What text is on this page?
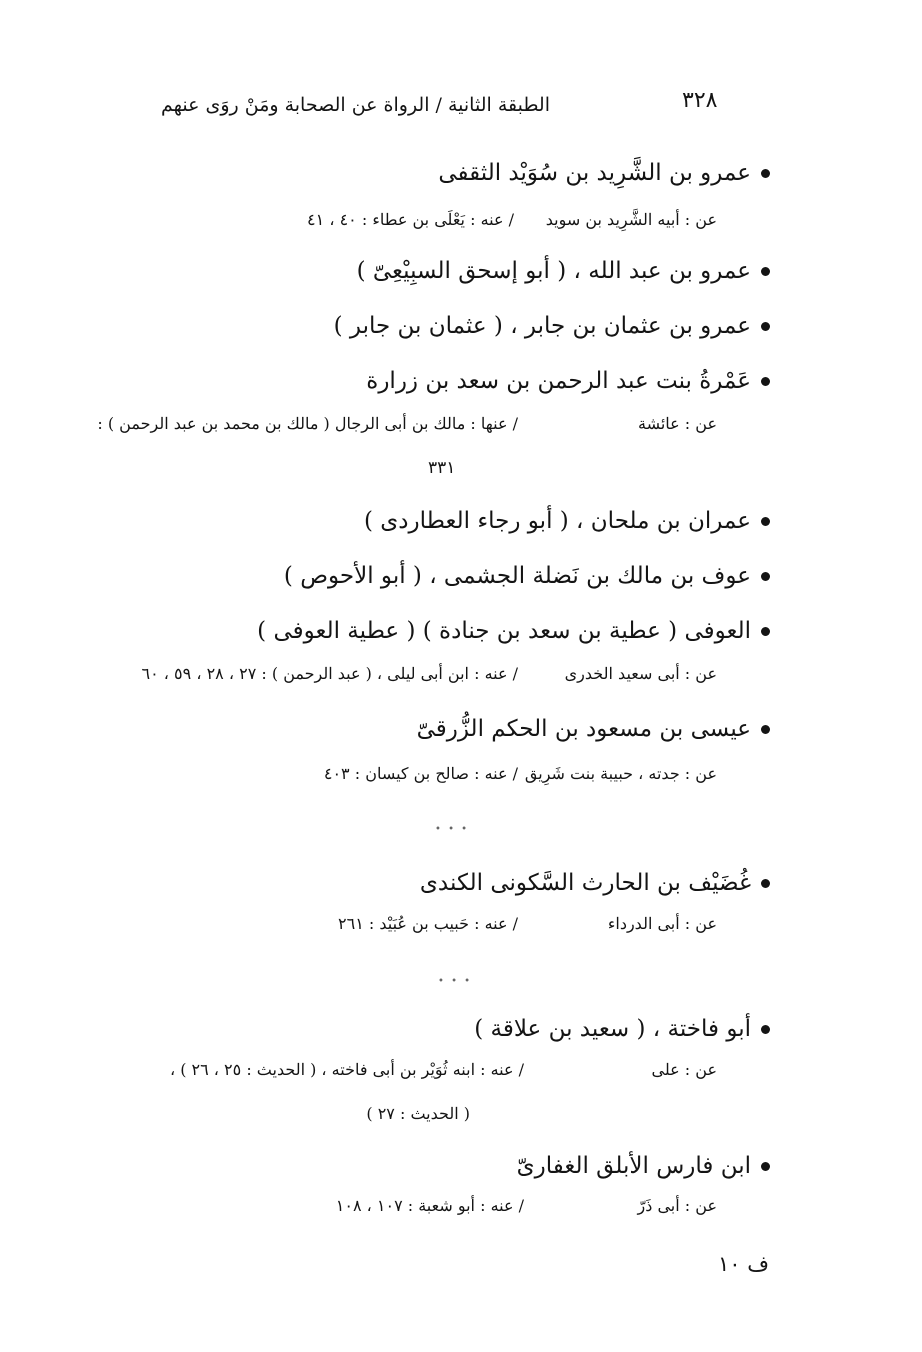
٣٢٨
الطبقة الثانية / الرواة عن الصحابة ومَنْ روَى عنهم
عمرو بن الشَّرِيد بن سُوَيْد الثقفى
عن : أبيه الشَّرِيد بن سويد
/ عنه : يَعْلَى بن عطاء : ٤٠ ، ٤١
عمرو بن عبد الله ، ( أبو إسحق السبِيْعِىّ )
عمرو بن عثمان بن جابر ، ( عثمان بن جابر )
عَمْرةُ بنت عبد الرحمن بن سعد بن زرارة
عن : عائشة
/ عنها : مالك بن أبى الرجال ( مالك بن محمد بن عبد الرحمن ) :
٣٣١
عمران بن ملحان ، ( أبو رجاء العطاردى )
عوف بن مالك بن نَضلة الجشمى ، ( أبو الأحوص )
العوفى ( عطية بن سعد بن جنادة ) ( عطية العوفى )
عن : أبى سعيد الخدرى
/ عنه : ابن أبى ليلى ، ( عبد الرحمن ) : ٢٧ ، ٢٨ ، ٥٩ ، ٦٠
عيسى بن مسعود بن الحكم الزُّرقىّ
عن : جدته ، حبيبة بنت شَرِيق
/ عنه : صالح بن كيسان : ٤٠٣
• • •
غُضَيْف بن الحارث السَّكونى الكندى
عن : أبى الدرداء
/ عنه : حَبيب بن عُبَيْد : ٢٦١
• • •
أبو فاختة ، ( سعيد بن علاقة )
عن : على
/ عنه : ابنه ثُوَيْر بن أبى فاخته ، ( الحديث : ٢٥ ، ٢٦ ) ،
( الحديث : ٢٧ )
ابن فارس الأبلق الغفارىّ
عن : أبى ذَرّ
/ عنه : أبو شعبة : ١٠٧ ، ١٠٨
ف ١٠
